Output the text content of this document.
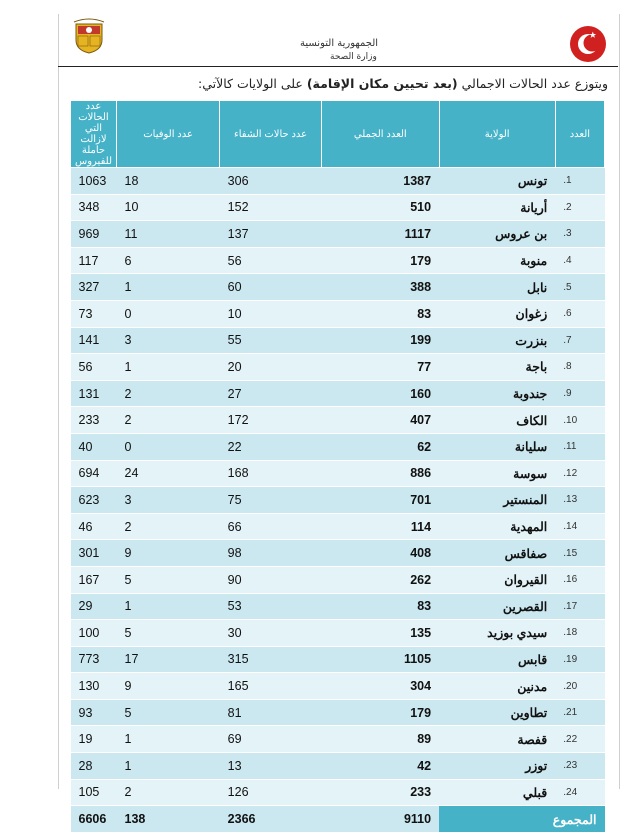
الجمهورية التونسية
وزارة الصحة
ويتوزع عدد الحالات الاجمالي (بعد تحيين مكان الإقامة) على الولايات كالآتي:
العدد	الولاية	العدد الجملي	عدد حالات الشفاء	عدد الوفيات	عدد الحالات التي لازالت حاملة للفيروس
1.	تونس	1387	306	18	1063
2.	أريانة	510	152	10	348
3.	بن عروس	1117	137	11	969
4.	منوبة	179	56	6	117
5.	نابل	388	60	1	327
6.	زغوان	83	10	0	73
7.	بنزرت	199	55	3	141
8.	باجة	77	20	1	56
9.	جندوبة	160	27	2	131
10.	الكاف	407	172	2	233
11.	سليانة	62	22	0	40
12.	سوسة	886	168	24	694
13.	المنستير	701	75	3	623
14.	المهدية	114	66	2	46
15.	صفاقس	408	98	9	301
16.	القيروان	262	90	5	167
17.	القصرين	83	53	1	29
18.	سيدي بوزيد	135	30	5	100
19.	قابس	1105	315	17	773
20.	مدنين	304	165	9	130
21.	تطاوين	179	81	5	93
22.	قفصة	89	69	1	19
23.	توزر	42	13	1	28
24.	قبلي	233	126	2	105
المجموع		9110	2366	138	6606
